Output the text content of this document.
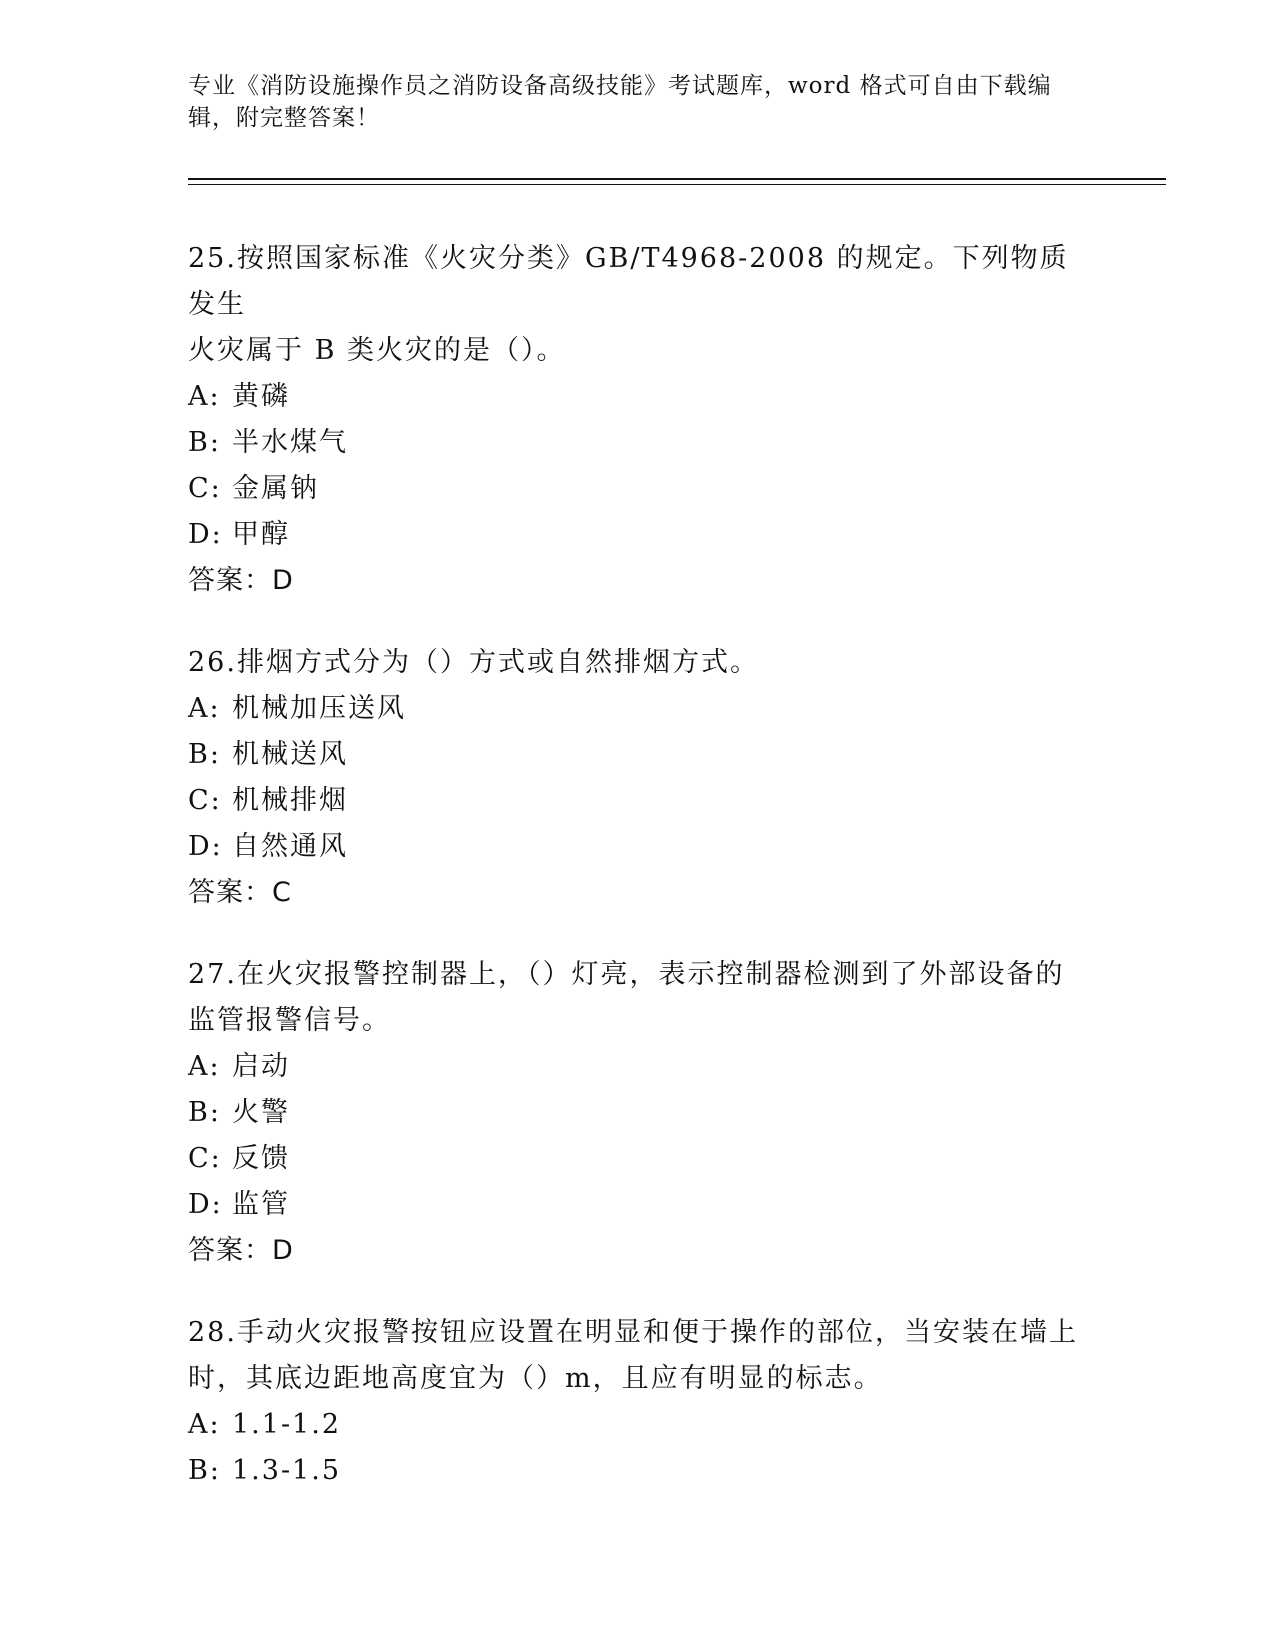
专业《消防设施操作员之消防设备高级技能》考试题库，word 格式可自由下载编
辑，附完整答案！
25.按照国家标准《火灾分类》GB/T4968-2008 的规定。下列物质发生
火灾属于 B 类火灾的是（）。
A: 黄磷
B: 半水煤气
C: 金属钠
D: 甲醇
答案：D
26.排烟方式分为（）方式或自然排烟方式。
A: 机械加压送风
B: 机械送风
C: 机械排烟
D: 自然通风
答案：C
27.在火灾报警控制器上，（）灯亮，表示控制器检测到了外部设备的
监管报警信号。
A: 启动
B: 火警
C: 反馈
D: 监管
答案：D
28.手动火灾报警按钮应设置在明显和便于操作的部位，当安装在墙上
时，其底边距地高度宜为（）m，且应有明显的标志。
A: 1.1-1.2
B: 1.3-1.5
